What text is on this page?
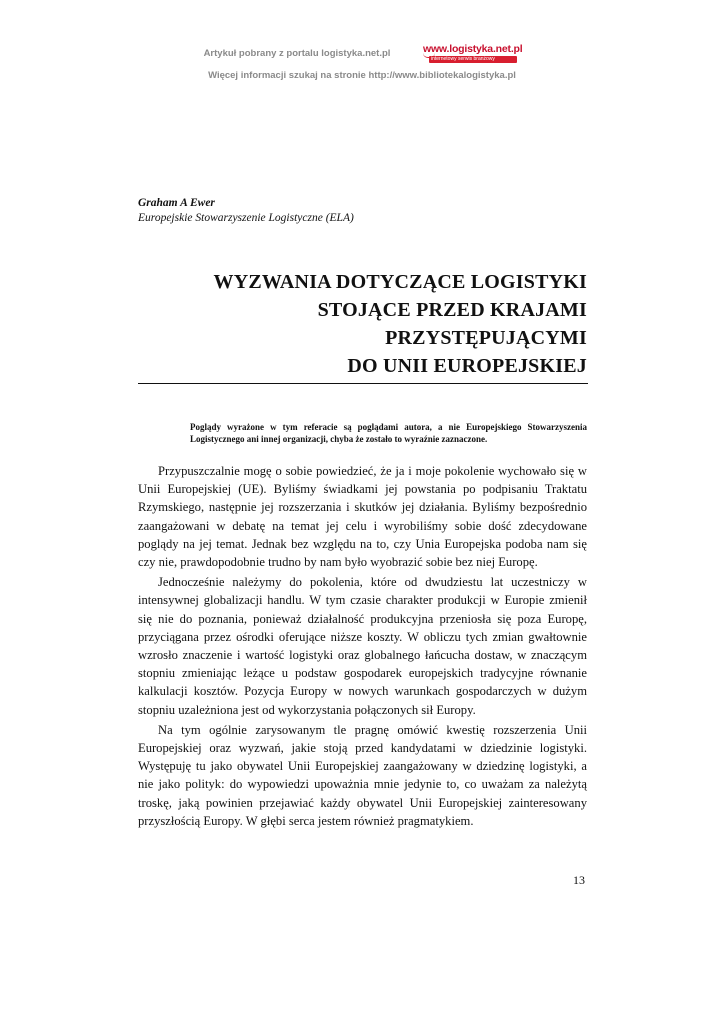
Artykuł pobrany z portalu logistyka.net.pl
Więcej informacji szukaj na stronie http://www.bibliotekalogistyka.pl
www.logistyka.net.pl
internetowy serwis branżowy
Graham A Ewer
Europejskie Stowarzyszenie Logistyczne (ELA)
WYZWANIA DOTYCZĄCE LOGISTYKI
STOJĄCE PRZED KRAJAMI
PRZYSTĘPUJĄCYMI
DO UNII EUROPEJSKIEJ
Poglądy wyrażone w tym referacie są poglądami autora, a nie Europejskiego Stowarzyszenia Logistycznego ani innej organizacji, chyba że zostało to wyraźnie zaznaczone.

Przypuszczalnie mogę o sobie powiedzieć, że ja i moje pokolenie wychowało się w Unii Europejskiej (UE). Byliśmy świadkami jej powstania po podpisaniu Traktatu Rzymskiego, następnie jej rozszerzania i skutków jej działania. Byliśmy bezpośrednio zaangażowani w debatę na temat jej celu i wyrobiliśmy sobie dość zdecydowane poglądy na jej temat. Jednak bez względu na to, czy Unia Europejska podoba nam się czy nie, prawdopodobnie trudno by nam było wyobrazić sobie bez niej Europę.

Jednocześnie należymy do pokolenia, które od dwudziestu lat uczestniczy w intensywnej globalizacji handlu. W tym czasie charakter produkcji w Europie zmienił się nie do poznania, ponieważ działalność produkcyjna przeniosła się poza Europę, przyciągana przez ośrodki oferujące niższe koszty. W obliczu tych zmian gwałtownie wzrosło znaczenie i wartość logistyki oraz globalnego łańcucha dostaw, w znaczącym stopniu zmieniając leżące u podstaw gospodarek europejskich tradycyjne równanie kalkulacji kosztów. Pozycja Europy w nowych warunkach gospodarczych w dużym stopniu uzależniona jest od wykorzystania połączonych sił Europy.

Na tym ogólnie zarysowanym tle pragnę omówić kwestię rozszerzenia Unii Europejskiej oraz wyzwań, jakie stoją przed kandydatami w dziedzinie logistyki. Występuję tu jako obywatel Unii Europejskiej zaangażowany w dziedzinę logistyki, a nie jako polityk: do wypowiedzi upoważnia mnie jedynie to, co uważam za należytą troskę, jaką powinien przejawiać każdy obywatel Unii Europejskiej zainteresowany przyszłością Europy. W głębi serca jestem również pragmatykiem.

13
